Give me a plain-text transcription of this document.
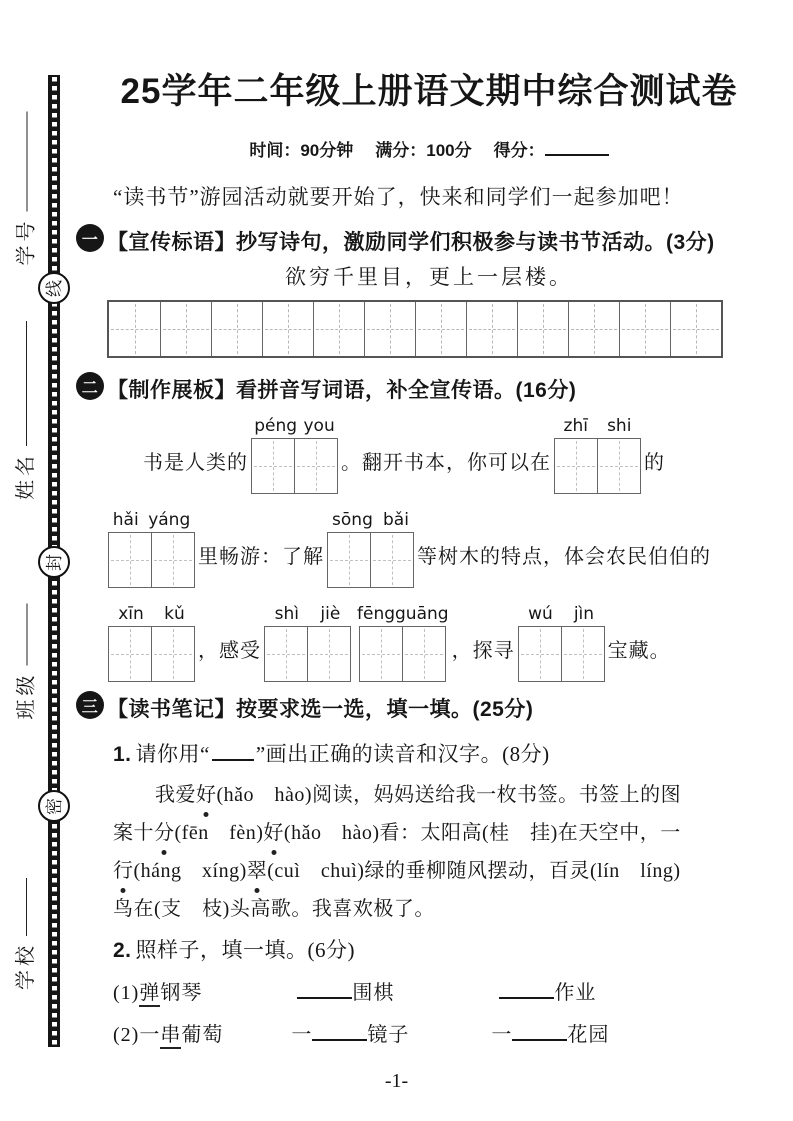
学号
姓名
班级
学校
线
封
密
25学年二年级上册语文期中综合测试卷
时间：90分钟 满分：100分 得分：
“读书节”游园活动就要开始了，快来和同学们一起参加吧！
一 【宣传标语】抄写诗句，激励同学们积极参与读书节活动。(3分)
欲穷千里目，更上一层楼。
二 【制作展板】看拼音写词语，补全宣传语。(16分)
书是人类的
péng you
。翻开书本，你可以在
zhī shi
的
hǎi yáng
里畅游：了解
sōng bǎi
等树木的特点，体会农民伯伯的
xīn kǔ
，感受
shì jiè fēng guāng
，探寻
wú jìn
宝藏。
三 【读书笔记】按要求选一选，填一填。(25分)
1. 请你用“ ”画出正确的读音和汉字。(8分)
我爱好(hǎo　hào)阅读，妈妈送给我一枚书签。书签上的图
案十分(fēn　fèn)好(hǎo　hào)看：太阳高(桂　挂)在天空中，一
行(háng　xíng)翠(cuì　chuì)绿的垂柳随风摆动，百灵(lín　líng)
鸟在(支　枝)头高歌。我喜欢极了。
2. 照样子，填一填。(6分)
(1)弹钢琴	围棋	作业
(2)一串葡萄	一	镜子	一	花园
-1-
